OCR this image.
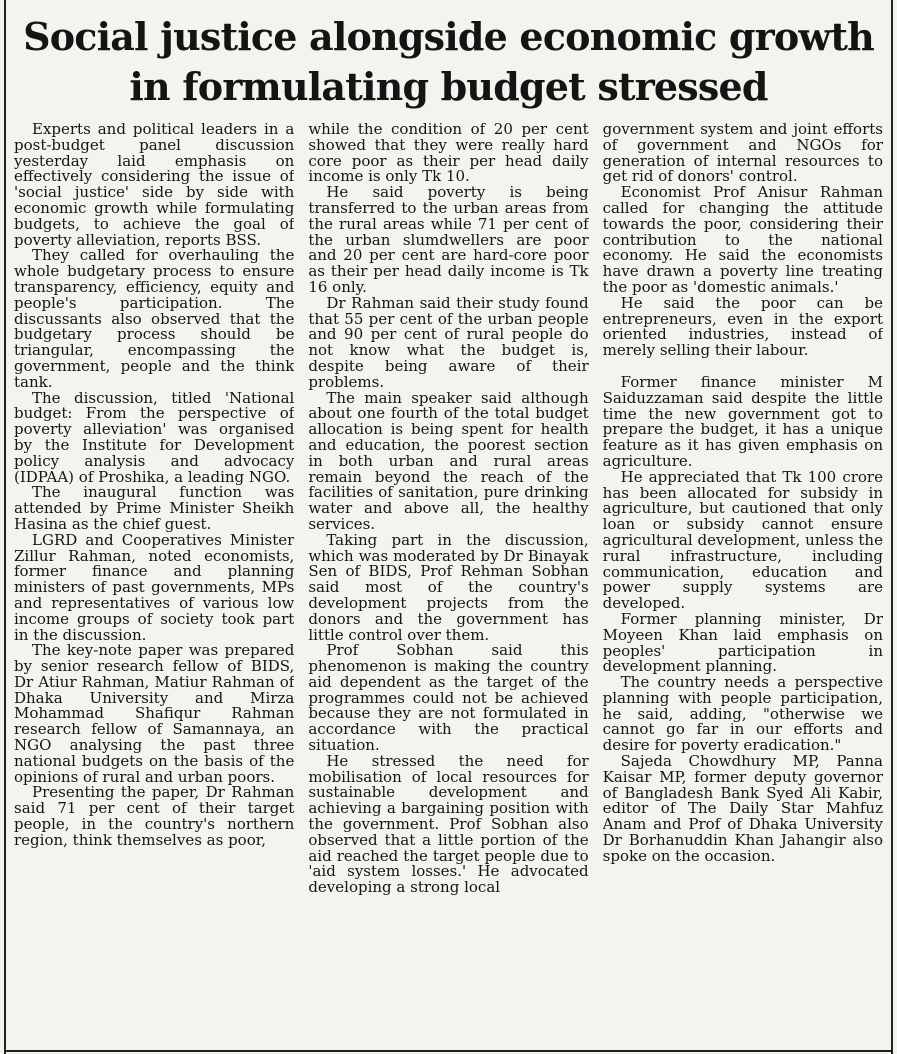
Social justice alongside economic growth
in formulating budget stressed

Experts and political leaders in a post-budget panel discussion yesterday laid emphasis on effectively considering the issue of 'social justice' side by side with economic growth while formulating budgets, to achieve the goal of poverty alleviation, reports BSS.

They called for overhauling the whole budgetary process to ensure transparency, efficiency, equity and people's participation. The discussants also observed that the budgetary process should be triangular, encompassing the government, people and the think tank.

The discussion, titled 'National budget: From the perspective of poverty alleviation' was organised by the Institute for Development policy analysis and advocacy (IDPAA) of Proshika, a leading NGO.

The inaugural function was attended by Prime Minister Sheikh Hasina as the chief guest.

LGRD and Cooperatives Minister Zillur Rahman, noted economists, former finance and planning ministers of past governments, MPs and representatives of various low income groups of society took part in the discussion.

The key-note paper was prepared by senior research fellow of BIDS, Dr Atiur Rahman, Matiur Rahman of Dhaka University and Mirza Mohammad Shafiqur Rahman research fellow of Samannaya, an NGO analysing the past three national budgets on the basis of the opinions of rural and urban poors.

Presenting the paper, Dr Rahman said 71 per cent of their target people, in the country's northern region, think themselves as poor,

while the condition of 20 per cent showed that they were really hard core poor as their per head daily income is only Tk 10.

He said poverty is being transferred to the urban areas from the rural areas while 71 per cent of the urban slumdwellers are poor and 20 per cent are hard-core poor as their per head daily income is Tk 16 only.

Dr Rahman said their study found that 55 per cent of the urban people and 90 per cent of rural people do not know what the budget is, despite being aware of their problems.

The main speaker said although about one fourth of the total budget allocation is being spent for health and education, the poorest section in both urban and rural areas remain beyond the reach of the facilities of sanitation, pure drinking water and above all, the healthy services.

Taking part in the discussion, which was moderated by Dr Binayak Sen of BIDS, Prof Rehman Sobhan said most of the country's development projects from the donors and the government has little control over them.

Prof Sobhan said this phenomenon is making the country aid dependent as the target of the programmes could not be achieved because they are not formulated in accordance with the practical situation.

He stressed the need for mobilisation of local resources for sustainable development and achieving a bargaining position with the government. Prof Sobhan also observed that a little portion of the aid reached the target people due to 'aid system losses.' He advocated developing a strong local

government system and joint efforts of government and NGOs for generation of internal resources to get rid of donors' control.

Economist Prof Anisur Rahman called for changing the attitude towards the poor, considering their contribution to the national economy. He said the economists have drawn a poverty line treating the poor as 'domestic animals.'

He said the poor can be entrepreneurs, even in the export oriented industries, instead of merely selling their labour.

Former finance minister M Saiduzzaman said despite the little time the new government got to prepare the budget, it has a unique feature as it has given emphasis on agriculture.

He appreciated that Tk 100 crore has been allocated for subsidy in agriculture, but cautioned that only loan or subsidy cannot ensure agricultural development, unless the rural infrastructure, including communication, education and power supply systems are developed.

Former planning minister, Dr Moyeen Khan laid emphasis on peoples' participation in development planning.

The country needs a perspective planning with people participation, he said, adding, "otherwise we cannot go far in our efforts and desire for poverty eradication."

Sajeda Chowdhury MP, Panna Kaisar MP, former deputy governor of Bangladesh Bank Syed Ali Kabir, editor of The Daily Star Mahfuz Anam and Prof of Dhaka University Dr Borhanuddin Khan Jahangir also spoke on the occasion.
